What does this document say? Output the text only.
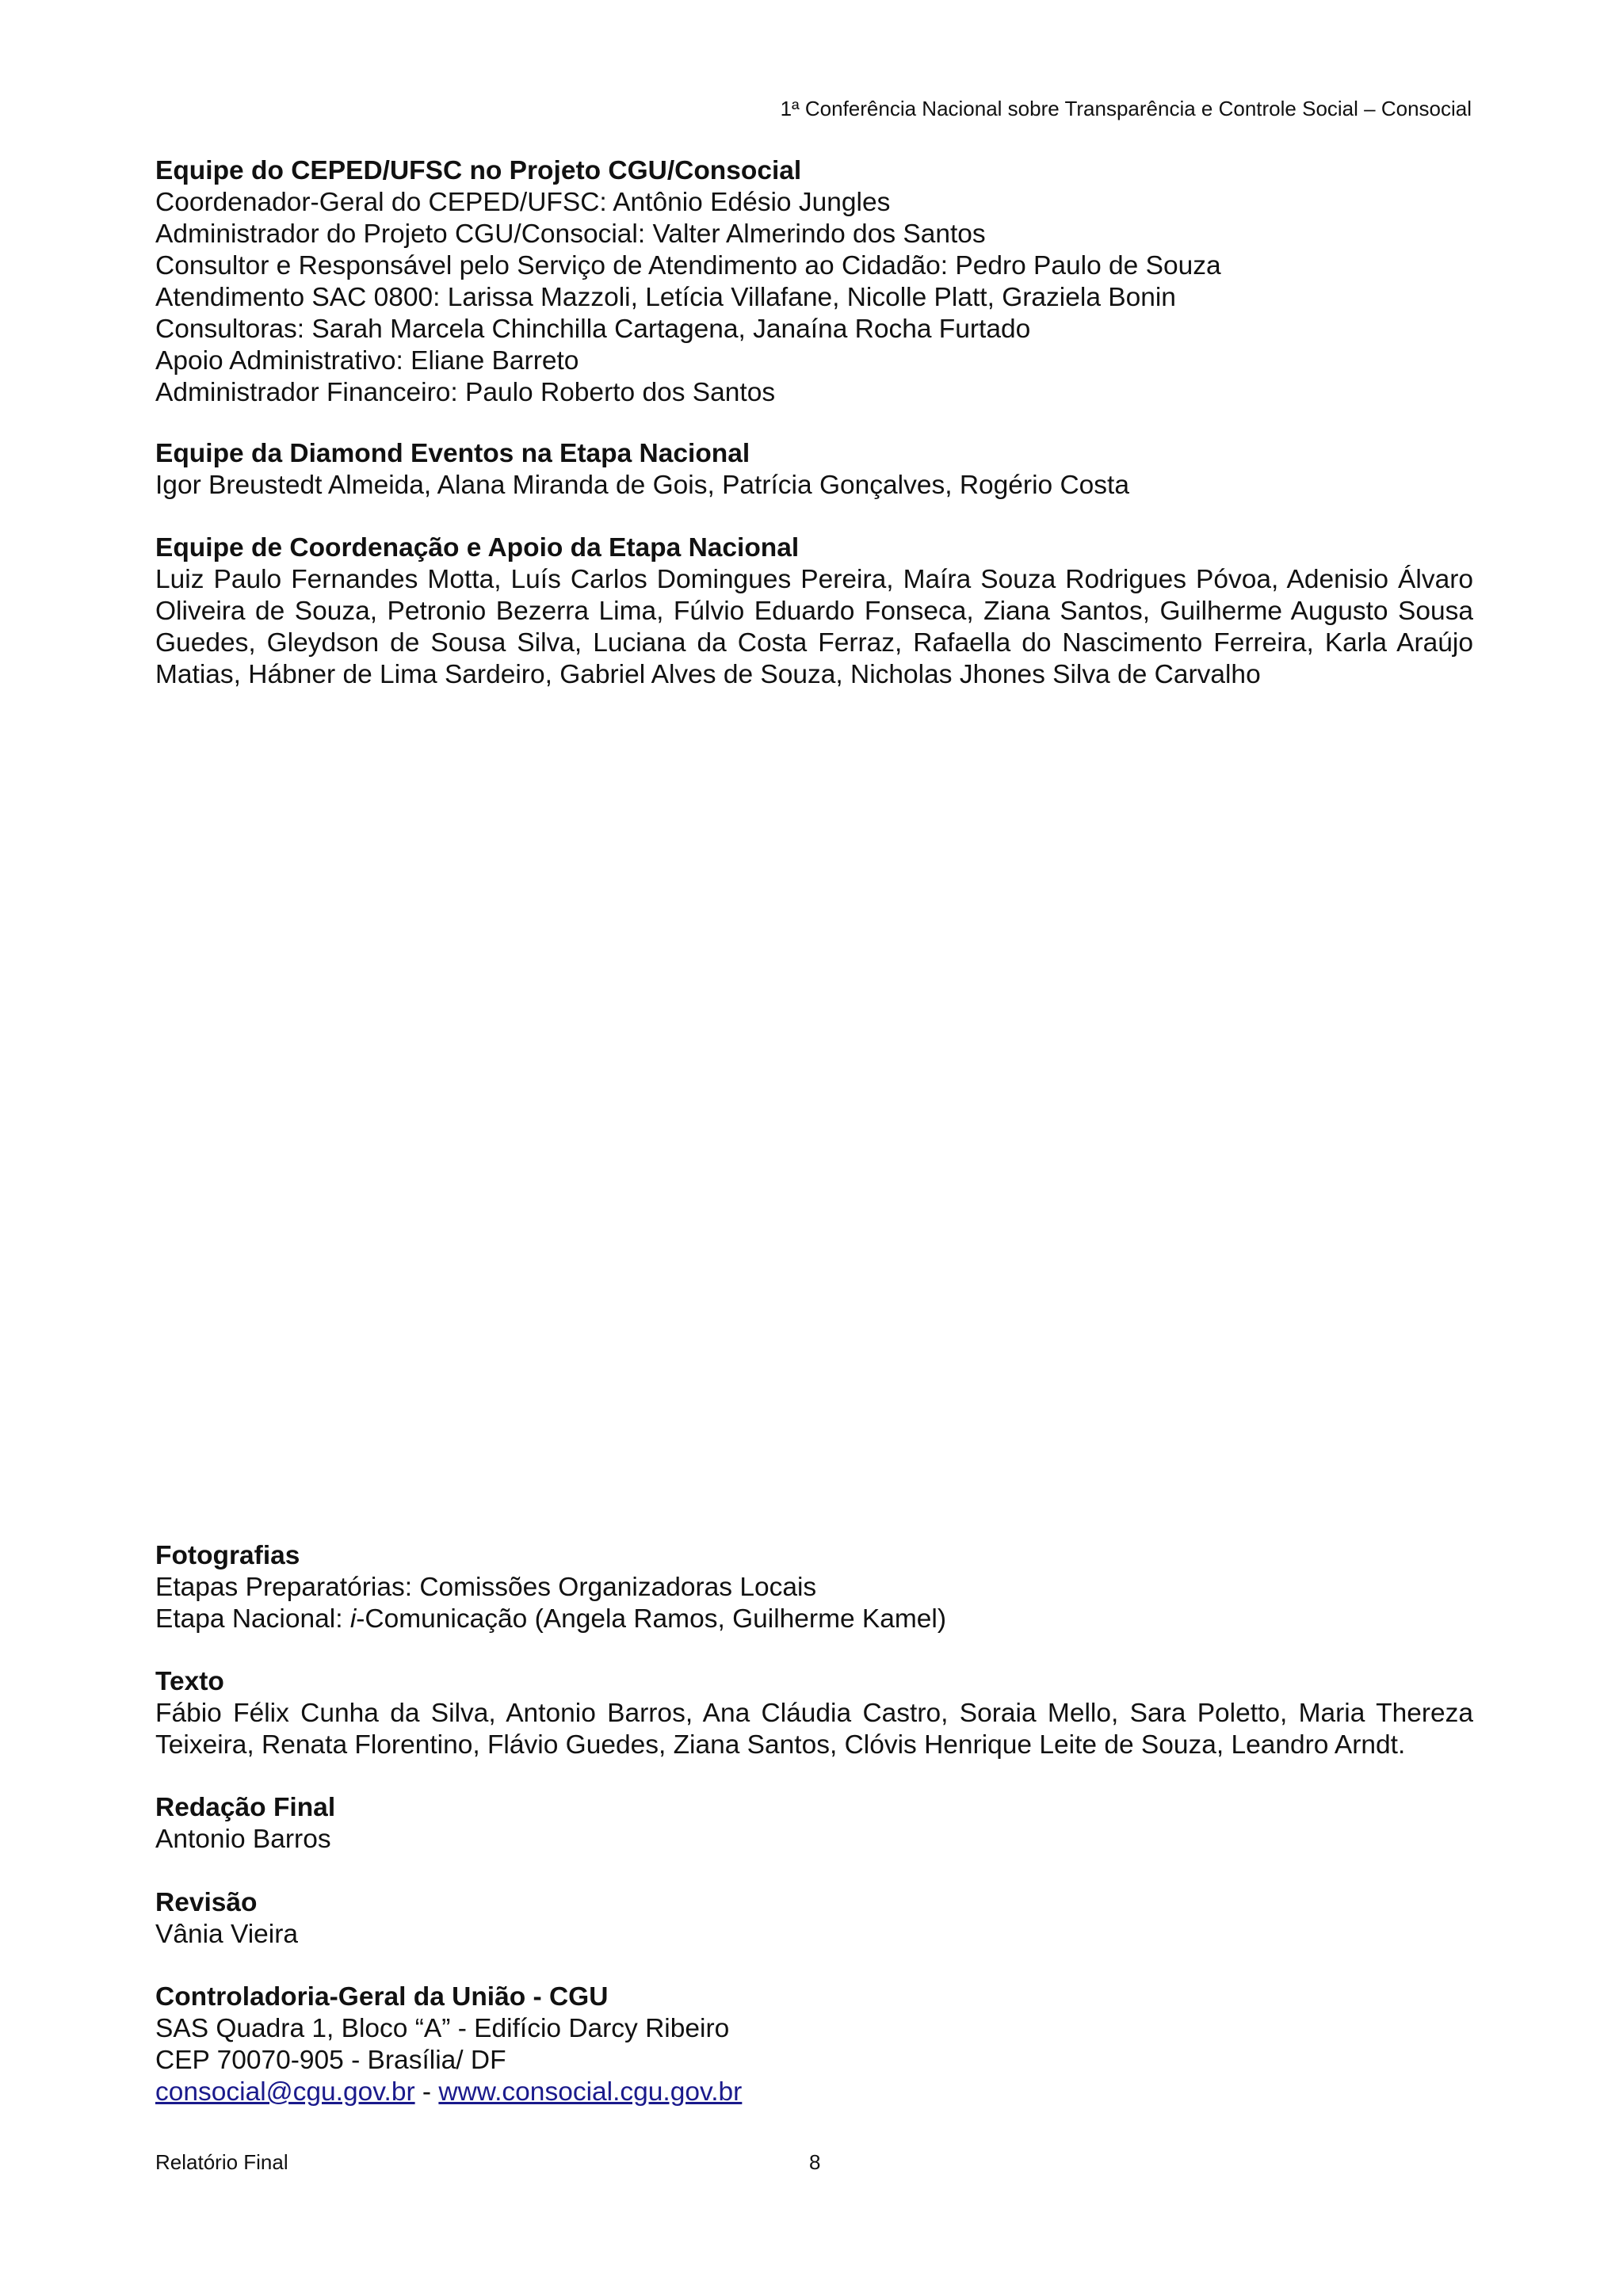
1ª Conferência Nacional sobre Transparência e Controle Social – Consocial

Equipe do CEPED/UFSC no Projeto CGU/Consocial

Coordenador-Geral do CEPED/UFSC: Antônio Edésio Jungles

Administrador do Projeto CGU/Consocial: Valter Almerindo dos Santos

Consultor e Responsável pelo Serviço de Atendimento ao Cidadão: Pedro Paulo de Souza

Atendimento SAC 0800: Larissa Mazzoli, Letícia Villafane, Nicolle Platt, Graziela Bonin

Consultoras: Sarah Marcela Chinchilla Cartagena, Janaína Rocha Furtado

Apoio Administrativo: Eliane Barreto

Administrador Financeiro: Paulo Roberto dos Santos

Equipe da Diamond Eventos na Etapa Nacional

Igor Breustedt Almeida, Alana Miranda de Gois, Patrícia Gonçalves, Rogério Costa

Equipe de Coordenação e Apoio da Etapa Nacional

Luiz Paulo Fernandes Motta, Luís Carlos Domingues Pereira, Maíra Souza Rodrigues Póvoa, Adenisio Álvaro Oliveira de Souza, Petronio Bezerra Lima, Fúlvio Eduardo Fonseca, Ziana Santos, Guilherme Augusto Sousa Guedes, Gleydson de Sousa Silva, Luciana da Costa Ferraz, Rafaella do Nascimento Ferreira, Karla Araújo Matias, Hábner de Lima Sardeiro, Gabriel Alves de Souza, Nicholas Jhones Silva de Carvalho

Fotografias

Etapas Preparatórias: Comissões Organizadoras Locais

Etapa Nacional: i-Comunicação (Angela Ramos, Guilherme Kamel)

Texto

Fábio Félix Cunha da Silva, Antonio Barros, Ana Cláudia Castro, Soraia Mello, Sara Poletto, Maria Thereza Teixeira, Renata Florentino, Flávio Guedes, Ziana Santos, Clóvis Henrique Leite de Souza, Leandro Arndt.

Redação Final

Antonio Barros

Revisão

Vânia Vieira

Controladoria-Geral da União - CGU

SAS Quadra 1, Bloco “A” - Edifício Darcy Ribeiro

CEP 70070-905 - Brasília/ DF

consocial@cgu.gov.br - www.consocial.cgu.gov.br

Relatório Final	8
